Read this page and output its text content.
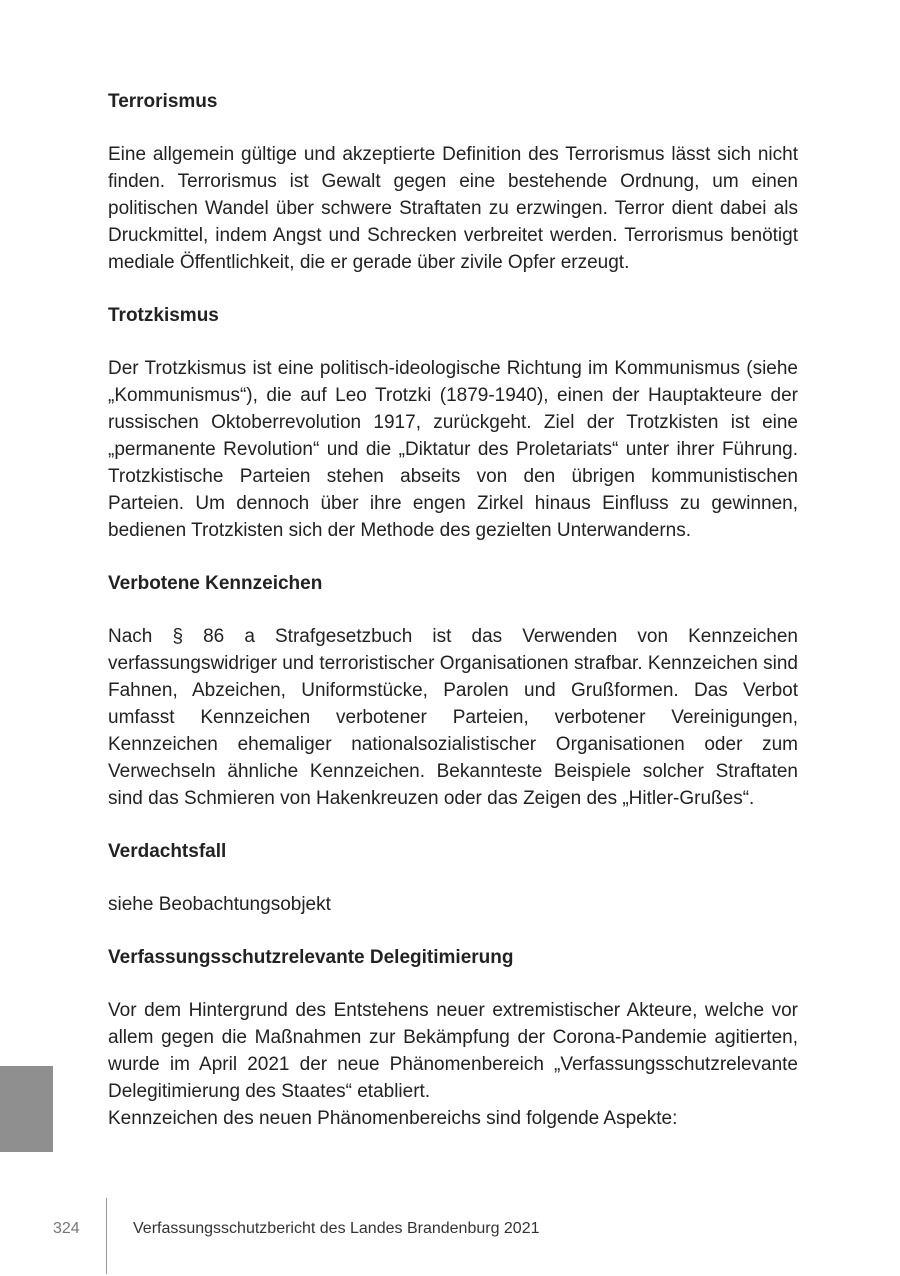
Terrorismus

Eine allgemein gültige und akzeptierte Definition des Terrorismus lässt sich nicht finden. Terrorismus ist Gewalt gegen eine bestehende Ordnung, um einen politischen Wandel über schwere Straftaten zu erzwingen. Terror dient dabei als Druckmittel, indem Angst und Schrecken verbreitet werden. Terrorismus benötigt mediale Öffentlichkeit, die er gerade über zivile Opfer erzeugt.

Trotzkismus

Der Trotzkismus ist eine politisch-ideologische Richtung im Kommunismus (siehe „Kommunismus“), die auf Leo Trotzki (1879-1940), einen der Hauptakteure der russischen Oktoberrevolution 1917, zurückgeht. Ziel der Trotzkisten ist eine „permanente Revolution“ und die „Diktatur des Proletariats“ unter ihrer Führung. Trotzkistische Parteien stehen abseits von den übrigen kommunistischen Parteien. Um dennoch über ihre engen Zirkel hinaus Einfluss zu gewinnen, bedienen Trotzkisten sich der Methode des gezielten Unterwanderns.

Verbotene Kennzeichen

Nach § 86 a Strafgesetzbuch ist das Verwenden von Kennzeichen verfassungswidriger und terroristischer Organisationen strafbar. Kennzeichen sind Fahnen, Abzeichen, Uniformstücke, Parolen und Grußformen. Das Verbot umfasst Kennzeichen verbotener Parteien, verbotener Vereinigungen, Kennzeichen ehemaliger nationalsozialistischer Organisationen oder zum Verwechseln ähnliche Kennzeichen. Bekannteste Beispiele solcher Straftaten sind das Schmieren von Hakenkreuzen oder das Zeigen des „Hitler-Grußes“.

Verdachtsfall

siehe Beobachtungsobjekt

Verfassungsschutzrelevante Delegitimierung

Vor dem Hintergrund des Entstehens neuer extremistischer Akteure, welche vor allem gegen die Maßnahmen zur Bekämpfung der Corona-Pandemie agitierten, wurde im April 2021 der neue Phänomenbereich „Verfassungsschutzrelevante Delegitimierung des Staates“ etabliert.

Kennzeichen des neuen Phänomenbereichs sind folgende Aspekte:

324	Verfassungsschutzbericht des Landes Brandenburg 2021
